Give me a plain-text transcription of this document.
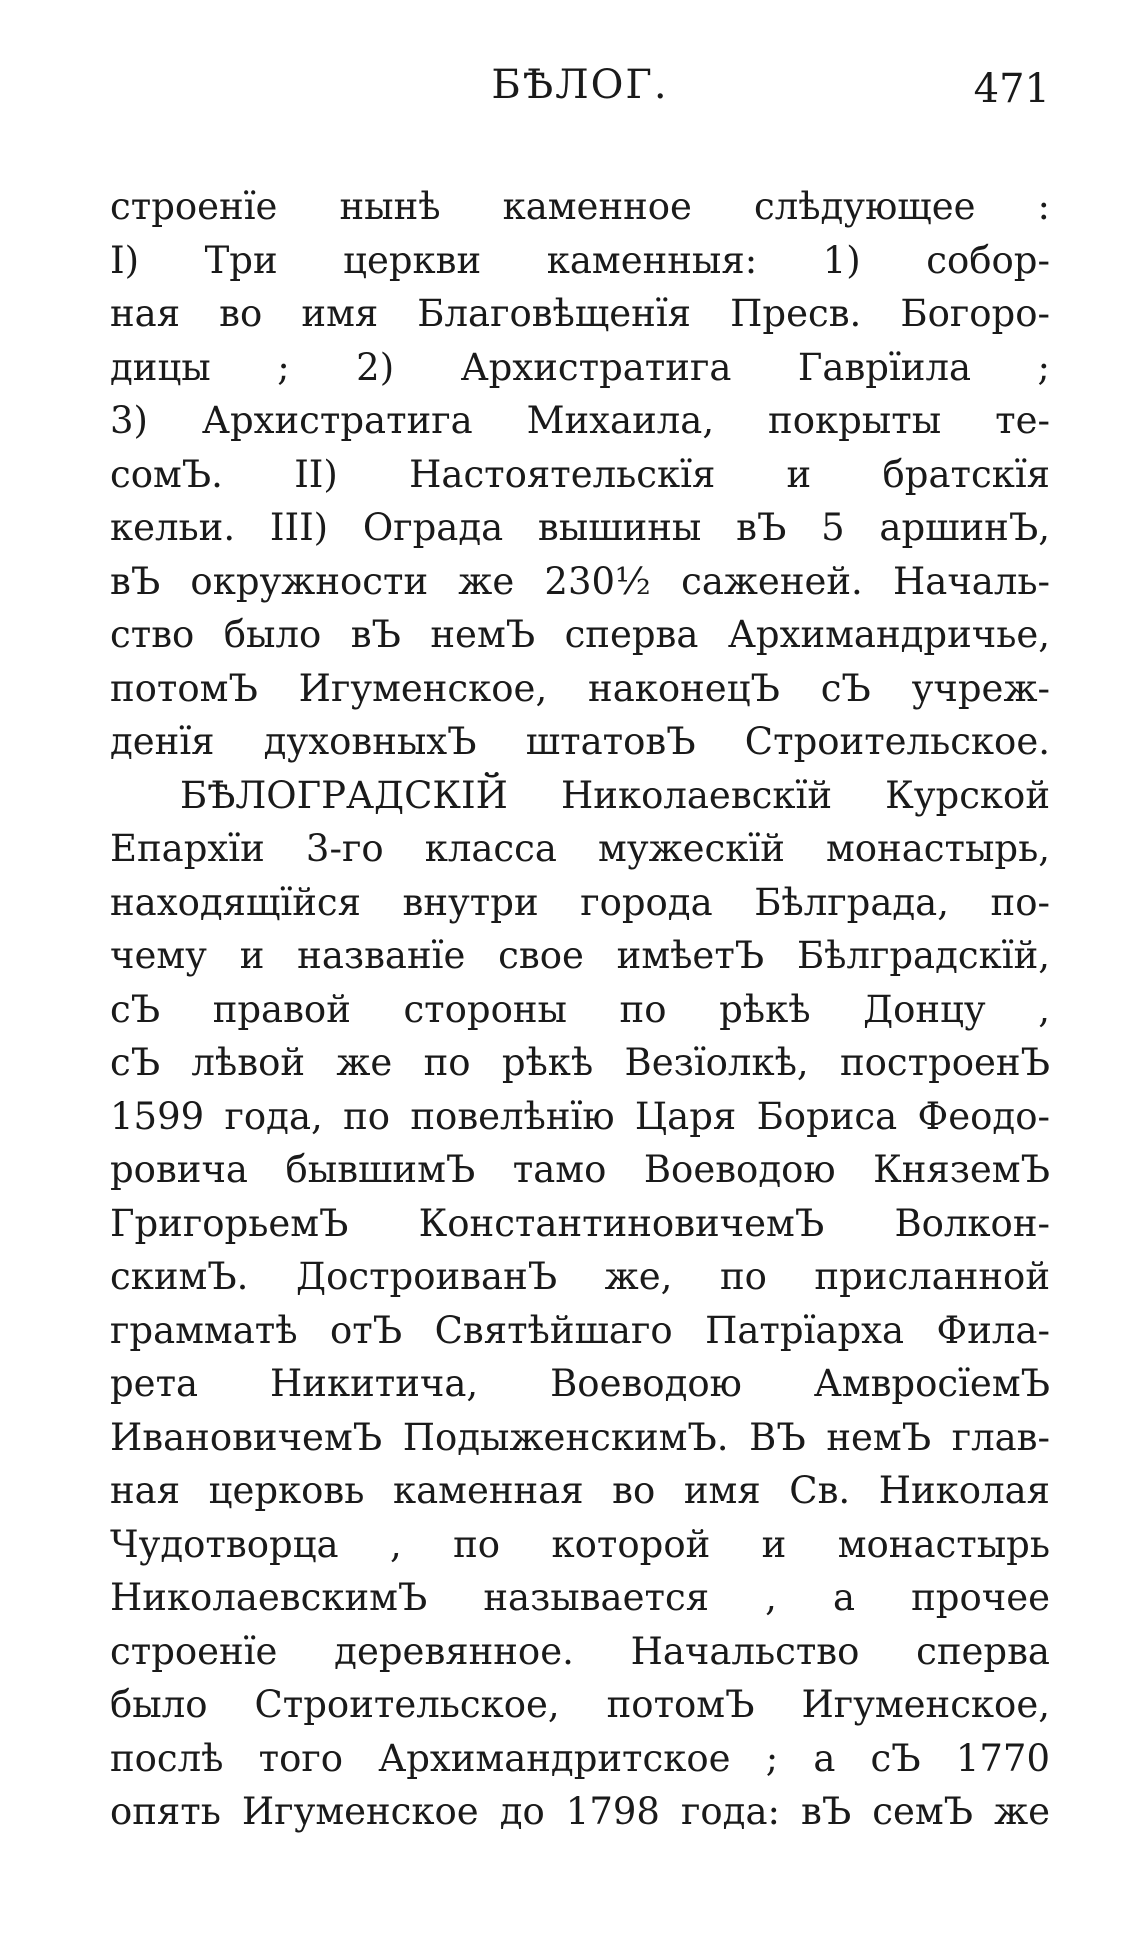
БѢЛОГ.	471
строенїе нынѣ каменное слѣдующее :
I) Три церкви каменныя: 1) собор-
ная во имя Благовѣщенїя Пресв. Богоро-
дицы ; 2) Архистратига Гаврїила ;
3) Архистратига Михаила, покрыты те-
сомЪ. II) Настоятельскїя и братскїя
кельи. III) Ограда вышины вЪ 5 аршинЪ,
вЪ окружности же 230½ саженей. Началь-
ство было вЪ немЪ сперва Архимандричье,
потомЪ Игуменское, наконецЪ сЪ учреж-
денїя духовныхЪ штатовЪ Строительское.
БѢЛОГРАДСКІЙ Николаевскїй Курской
Епархїи 3-го класса мужескїй монастырь,
находящїйся внутри города Бѣлграда, по-
чему и названїе свое имѣетЪ Бѣлградскїй,
сЪ правой стороны по рѣкѣ Донцу ,
сЪ лѣвой же по рѣкѣ Везїолкѣ, построенЪ
1599 года, по повелѣнїю Царя Бориса Феодо-
ровича бывшимЪ тамо Воеводою КняземЪ
ГригорьемЪ КонстантиновичемЪ Волкон-
скимЪ. ДостроиванЪ же, по присланной
грамматѣ отЪ Святѣйшаго Патрїарха Фила-
рета Никитича, Воеводою АмвросїемЪ
ИвановичемЪ ПодыженскимЪ. ВЪ немЪ глав-
ная церковь каменная во имя Св. Николая
Чудотворца , по которой и монастырь
НиколаевскимЪ называется , а прочее
строенїе деревянное. Начальство сперва
было Строительское, потомЪ Игуменское,
послѣ того Архимандритское ; а сЪ 1770
опять Игуменское до 1798 года: вЪ семЪ же
